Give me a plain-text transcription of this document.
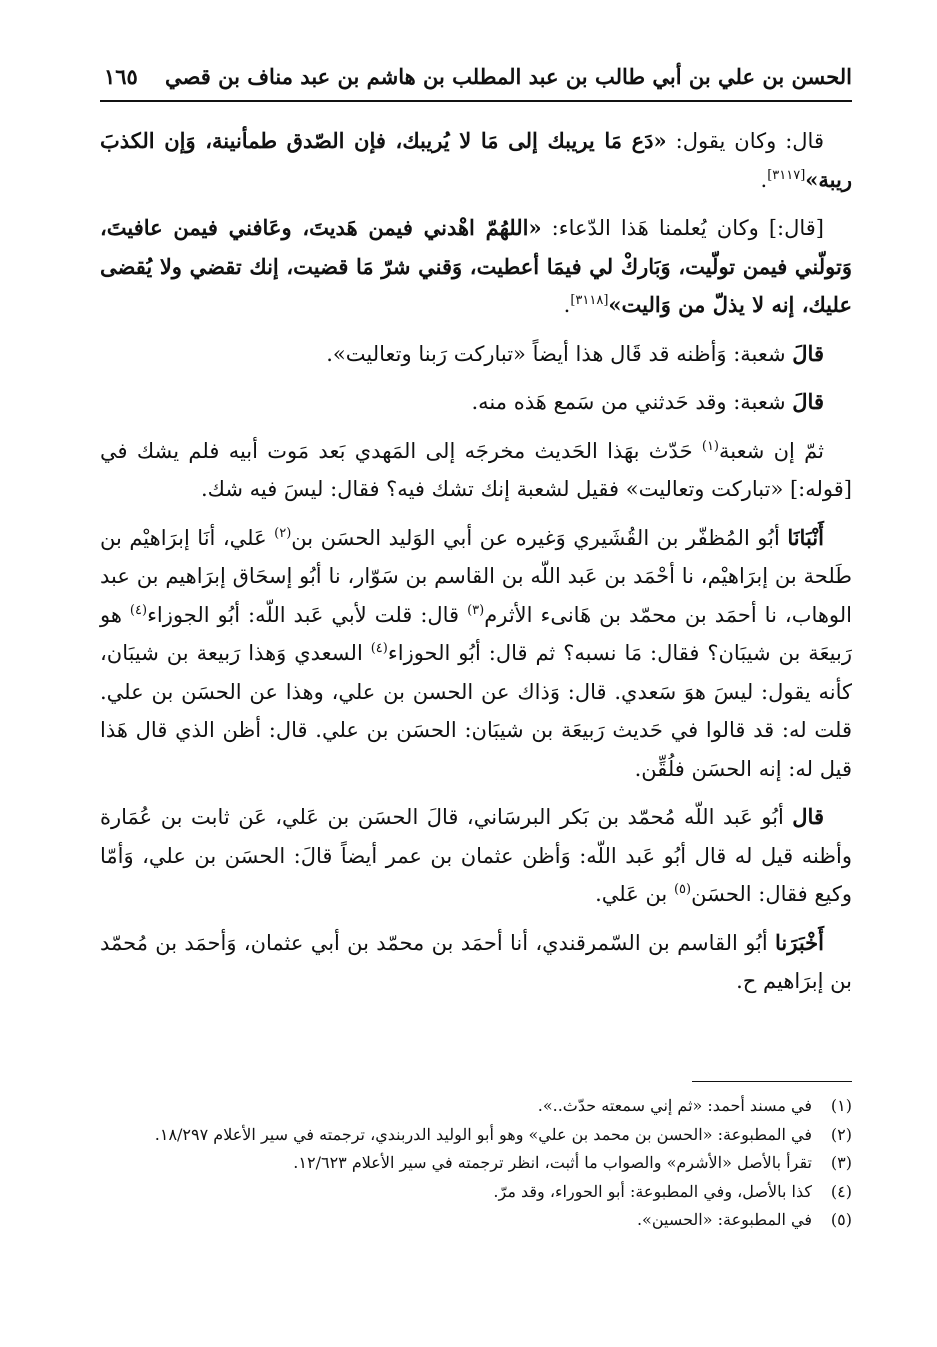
الحسن بن علي بن أبي طالب بن عبد المطلب بن هاشم بن عبد مناف بن قصي
١٦٥

قال: وكان يقول: «دَع مَا يريبك إلى مَا لا يُريبك، فإن الصّدق طمأنينة، وَإن الكذبَ ريبة»[٣١١٧].

[قال:] وكان يُعلمنا هَذا الدّعاء: «اللهُمّ اهْدني فيمن هَديتَ، وعَافني فيمن عافيتَ، وَتولّني فيمن تولّيت، وَبَاركْ لي فيمَا أعطيت، وَقني شرّ مَا قضيت، إنك تقضي ولا يُقضى عليك، إنه لا يذلّ من وَاليت»[٣١١٨].

قالَ شعبة: وَأظنه قد قَال هذا أيضاً «تباركت رَبنا وتعاليت».

قالَ شعبة: وقد حَدثني من سَمع هَذه منه.

ثمّ إن شعبة$^{(١)}$ حَدّث بهَذا الحَديث مخرجَه إلى المَهدي بَعد مَوت أبيه فلم يشك في [قوله:] «تباركت وتعاليت» فقيل لشعبة إنك تشك فيه؟ فقال: ليسَ فيه شك.

أَنْبَانَا أبُو المُظفّر بن القُشَيري وَغيره عن أبي الوَليد الحسَن بن$^{(٢)}$ عَلي، أنَا إبرَاهيْم بن طَلحة بن إبرَاهيْم، نا أحْمَد بن عَبد اللّه بن القاسم بن سَوّار، نا أبُو إسحَاق إبرَاهيم بن عبد الوهاب، نا أحمَد بن محمّد بن هَانىء الأثرم$^{(٣)}$ قال: قلت لأبي عَبد اللّه: أبُو الجوزاء$^{(٤)}$ هو رَبيعَة بن شيبَان؟ فقال: مَا نسبه؟ ثم قال: أبُو الحوزاء$^{(٤)}$ السعدي وَهذا رَبيعة بن شيبَان، كأنه يقول: ليسَ هوَ سَعدي. قال: وَذاك عن الحسن بن علي، وهذا عن الحسَن بن علي. قلت له: قد قالوا في حَديث رَبيعَة بن شيبَان: الحسَن بن علي. قال: أظن الذي قال هَذا قيل له: إنه الحسَن فلُقِّن.

قال أبُو عَبد اللّه مُحمّد بن بَكر البرسَاني، قالَ الحسَن بن عَلي، عَن ثابت بن عُمَارة وأظنه قيل له قال أبُو عَبد اللّه: وَأظن عثمان بن عمر أيضاً قالَ: الحسَن بن علي، وَأمّا وكيع فقال: الحسَن$^{(٥)}$ بن عَلي.

أَخْبَرَنا أبُو القاسم بن السّمرقندي، أنا أحمَد بن محمّد بن أبي عثمان، وَأحمَد بن مُحمّد بن إبرَاهيم ح.

(١)
في مسند أحمد: «ثم إني سمعته حدّث..».
(٢)
في المطبوعة: «الحسن بن محمد بن علي» وهو أبو الوليد الدربندي، ترجمته في سير الأعلام ١٨/٢٩٧.
(٣)
تقرأ بالأصل «الأشرم» والصواب ما أثبت، انظر ترجمته في سير الأعلام ١٢/٦٢٣.
(٤)
كذا بالأصل، وفي المطبوعة: أبو الحوراء، وقد مرّ.
(٥)
في المطبوعة: «الحسين».
